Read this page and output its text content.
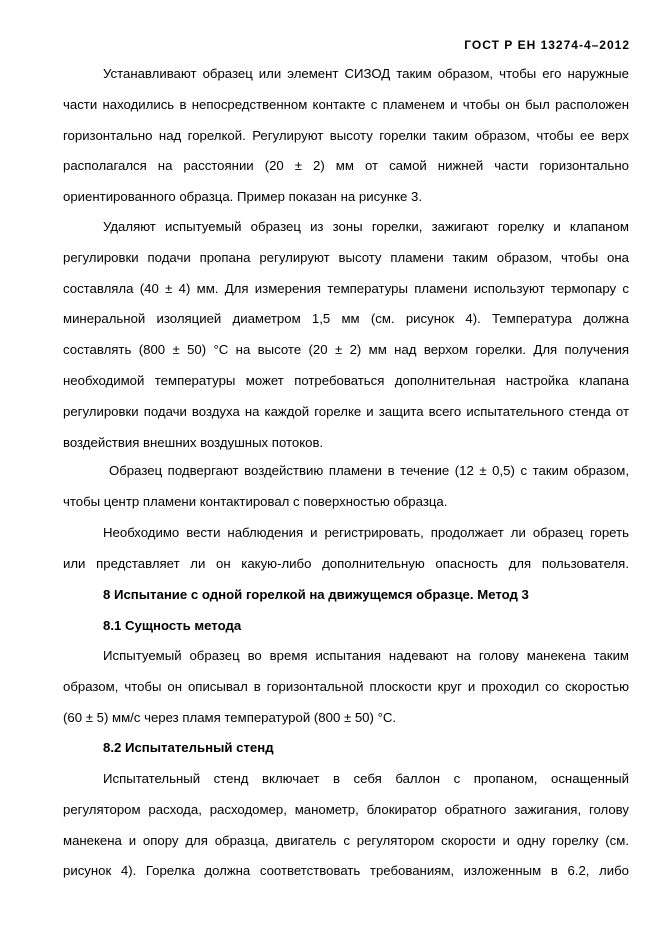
ГОСТ Р ЕН 13274-4–2012
Устанавливают образец или элемент СИЗОД таким образом, чтобы его наружные
части находились в непосредственном контакте с пламенем и чтобы он был расположен
горизонтально над горелкой. Регулируют высоту горелки таким образом, чтобы ее верх
располагался на расстоянии (20 ± 2) мм от самой нижней части горизонтально
ориентированного образца. Пример показан на рисунке 3.
Удаляют испытуемый образец из зоны горелки, зажигают горелку и клапаном
регулировки подачи пропана регулируют высоту пламени таким образом, чтобы она
составляла (40 ± 4) мм. Для измерения температуры пламени используют термопару с
минеральной изоляцией диаметром 1,5 мм (см. рисунок 4). Температура должна
составлять (800 ± 50) °С на высоте (20 ± 2) мм над верхом горелки. Для получения
необходимой температуры может потребоваться дополнительная настройка клапана
регулировки подачи воздуха на каждой горелке и защита всего испытательного стенда от
воздействия внешних воздушных потоков.
Образец подвергают воздействию пламени в течение (12 ± 0,5) с таким образом,
чтобы центр пламени контактировал с поверхностью образца.
Необходимо вести наблюдения и регистрировать, продолжает ли образец гореть
или представляет ли он какую-либо дополнительную опасность для пользователя.
8 Испытание с одной горелкой на движущемся образце. Метод 3
8.1 Сущность метода
Испытуемый образец во время испытания надевают на голову манекена таким
образом, чтобы он описывал в горизонтальной плоскости круг и проходил со скоростью
(60 ± 5) мм/с через пламя температурой (800 ± 50) °С.
8.2 Испытательный стенд
Испытательный стенд включает в себя баллон с пропаном, оснащенный
регулятором расхода, расходомер, манометр, блокиратор обратного зажигания, голову
манекена и опору для образца, двигатель с регулятором скорости и одну горелку (см.
рисунок 4). Горелка должна соответствовать требованиям, изложенным в 6.2, либо
